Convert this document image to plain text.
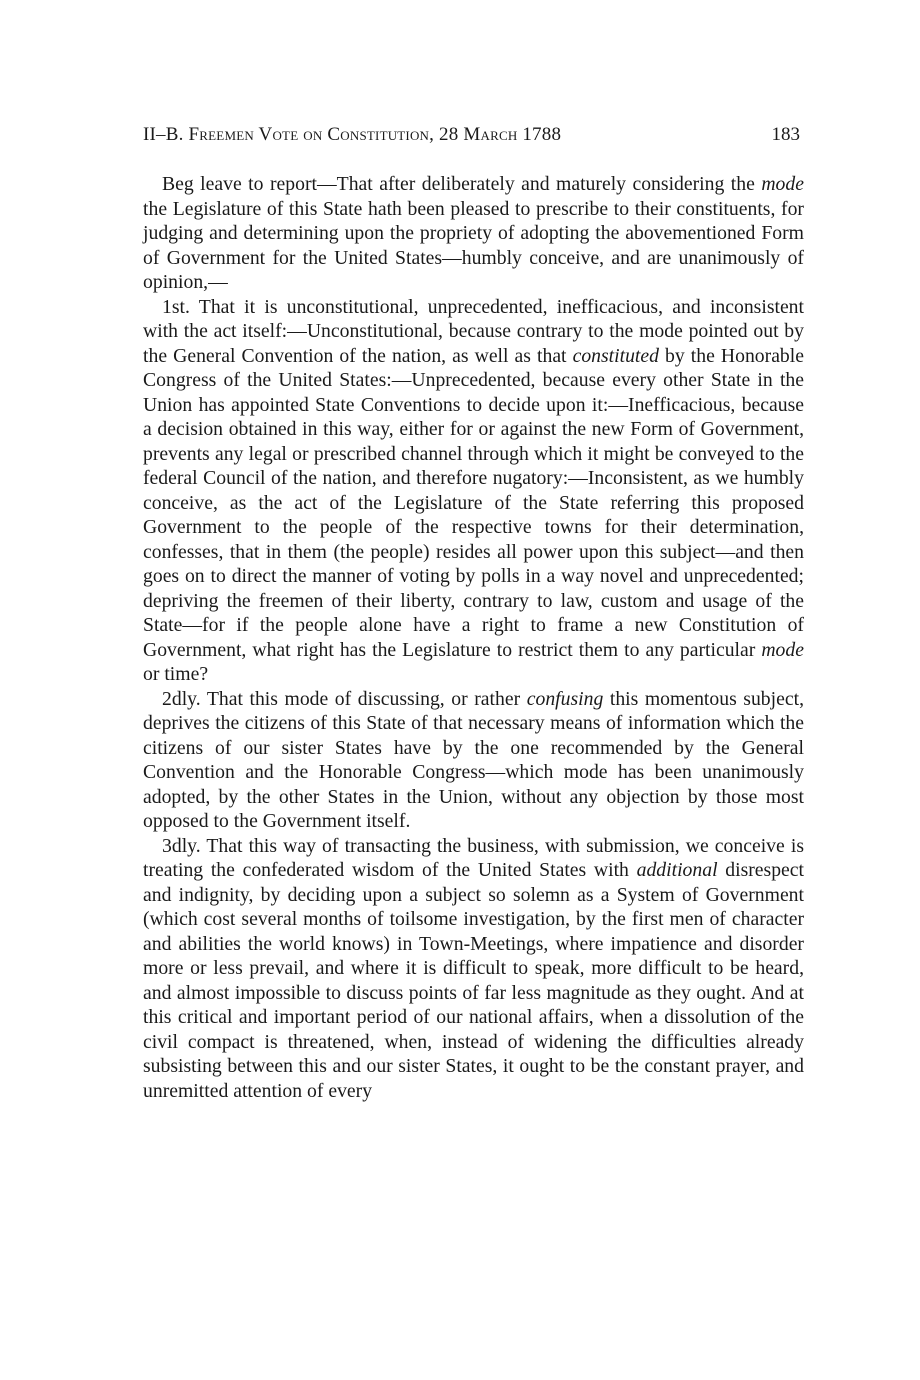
II–B. Freemen Vote on Constitution, 28 March 1788	183

Beg leave to report—That after deliberately and maturely considering the mode the Legislature of this State hath been pleased to prescribe to their constituents, for judging and determining upon the propriety of adopting the abovementioned Form of Government for the United States—humbly conceive, and are unanimously of opinion,—

1st. That it is unconstitutional, unprecedented, inefficacious, and inconsistent with the act itself:—Unconstitutional, because contrary to the mode pointed out by the General Convention of the nation, as well as that constituted by the Honorable Congress of the United States:—Unprecedented, because every other State in the Union has appointed State Conventions to decide upon it:—Inefficacious, because a decision obtained in this way, either for or against the new Form of Government, prevents any legal or prescribed channel through which it might be conveyed to the federal Council of the nation, and therefore nugatory:—Inconsistent, as we humbly conceive, as the act of the Legislature of the State referring this proposed Government to the people of the respective towns for their determination, confesses, that in them (the people) resides all power upon this subject—and then goes on to direct the manner of voting by polls in a way novel and unprecedented; depriving the freemen of their liberty, contrary to law, custom and usage of the State—for if the people alone have a right to frame a new Constitution of Government, what right has the Legislature to restrict them to any particular mode or time?

2dly. That this mode of discussing, or rather confusing this momentous subject, deprives the citizens of this State of that necessary means of information which the citizens of our sister States have by the one recommended by the General Convention and the Honorable Congress—which mode has been unanimously adopted, by the other States in the Union, without any objection by those most opposed to the Government itself.

3dly. That this way of transacting the business, with submission, we conceive is treating the confederated wisdom of the United States with additional disrespect and indignity, by deciding upon a subject so solemn as a System of Government (which cost several months of toilsome investigation, by the first men of character and abilities the world knows) in Town-Meetings, where impatience and disorder more or less prevail, and where it is difficult to speak, more difficult to be heard, and almost impossible to discuss points of far less magnitude as they ought. And at this critical and important period of our national affairs, when a dissolution of the civil compact is threatened, when, instead of widening the difficulties already subsisting between this and our sister States, it ought to be the constant prayer, and unremitted attention of every
